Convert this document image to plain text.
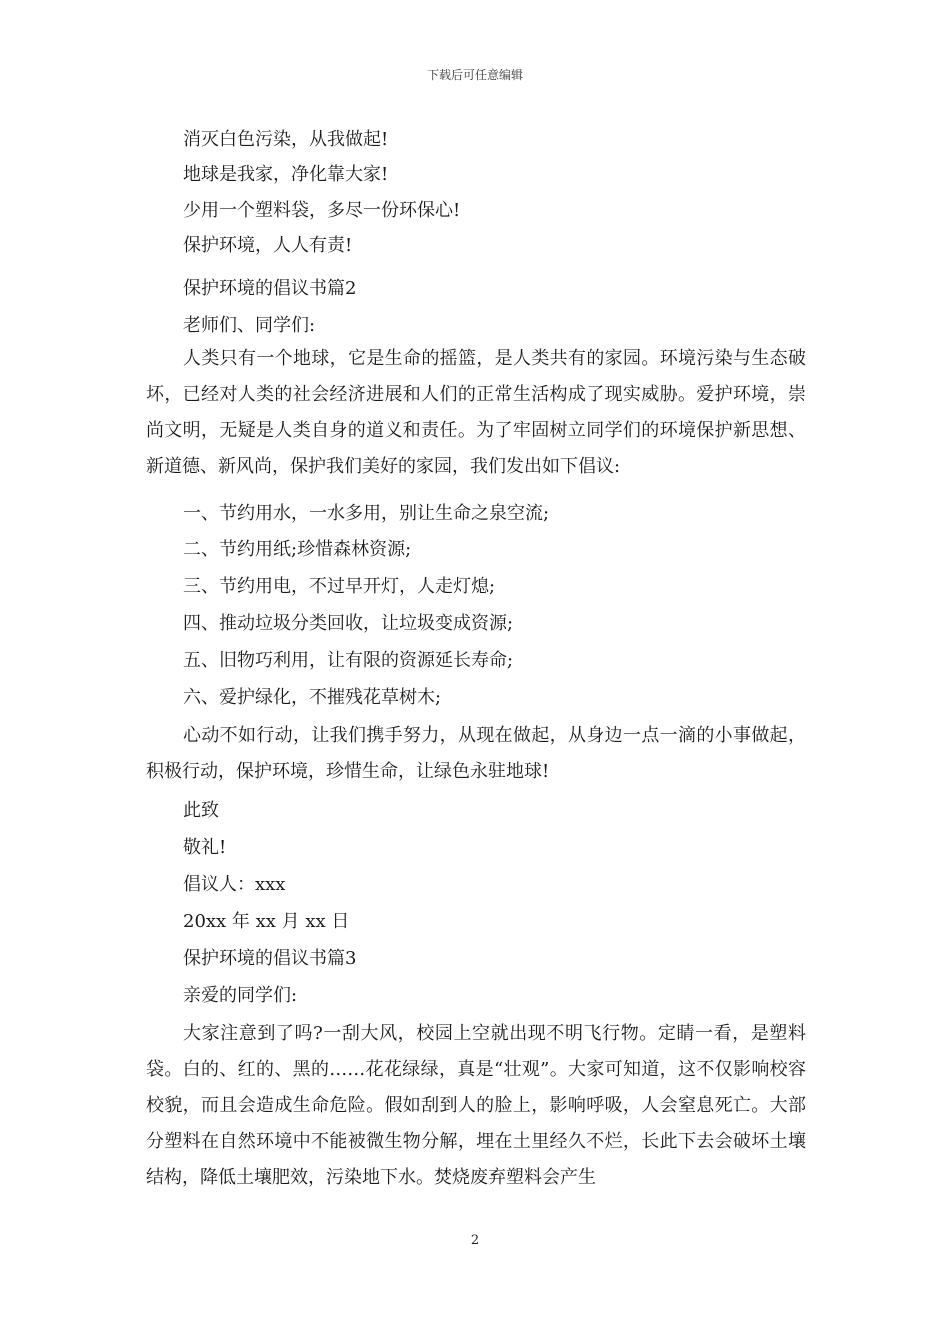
下载后可任意编辑
消灭白色污染，从我做起!
地球是我家，净化靠大家!
少用一个塑料袋，多尽一份环保心!
保护环境，人人有责!
保护环境的倡议书篇2
老师们、同学们:
人类只有一个地球，它是生命的摇篮，是人类共有的家园。环境污染与生态破坏，已经对人类的社会经济进展和人们的正常生活构成了现实威胁。爱护环境，崇尚文明，无疑是人类自身的道义和责任。为了牢固树立同学们的环境保护新思想、新道德、新风尚，保护我们美好的家园，我们发出如下倡议:
一、节约用水，一水多用，别让生命之泉空流;
二、节约用纸;珍惜森林资源;
三、节约用电，不过早开灯，人走灯熄;
四、推动垃圾分类回收，让垃圾变成资源;
五、旧物巧利用，让有限的资源延长寿命;
六、爱护绿化，不摧残花草树木;
心动不如行动，让我们携手努力，从现在做起，从身边一点一滴的小事做起，积极行动，保护环境，珍惜生命，让绿色永驻地球!
此致
敬礼!
倡议人：xxx
20xx 年 xx 月 xx 日
保护环境的倡议书篇3
亲爱的同学们:
大家注意到了吗?一刮大风，校园上空就出现不明飞行物。定睛一看，是塑料袋。白的、红的、黑的……花花绿绿，真是“壮观”。大家可知道，这不仅影响校容校貌，而且会造成生命危险。假如刮到人的脸上，影响呼吸，人会窒息死亡。大部分塑料在自然环境中不能被微生物分解，埋在土里经久不烂，长此下去会破坏土壤结构，降低土壤肥效，污染地下水。焚烧废弃塑料会产生
2
